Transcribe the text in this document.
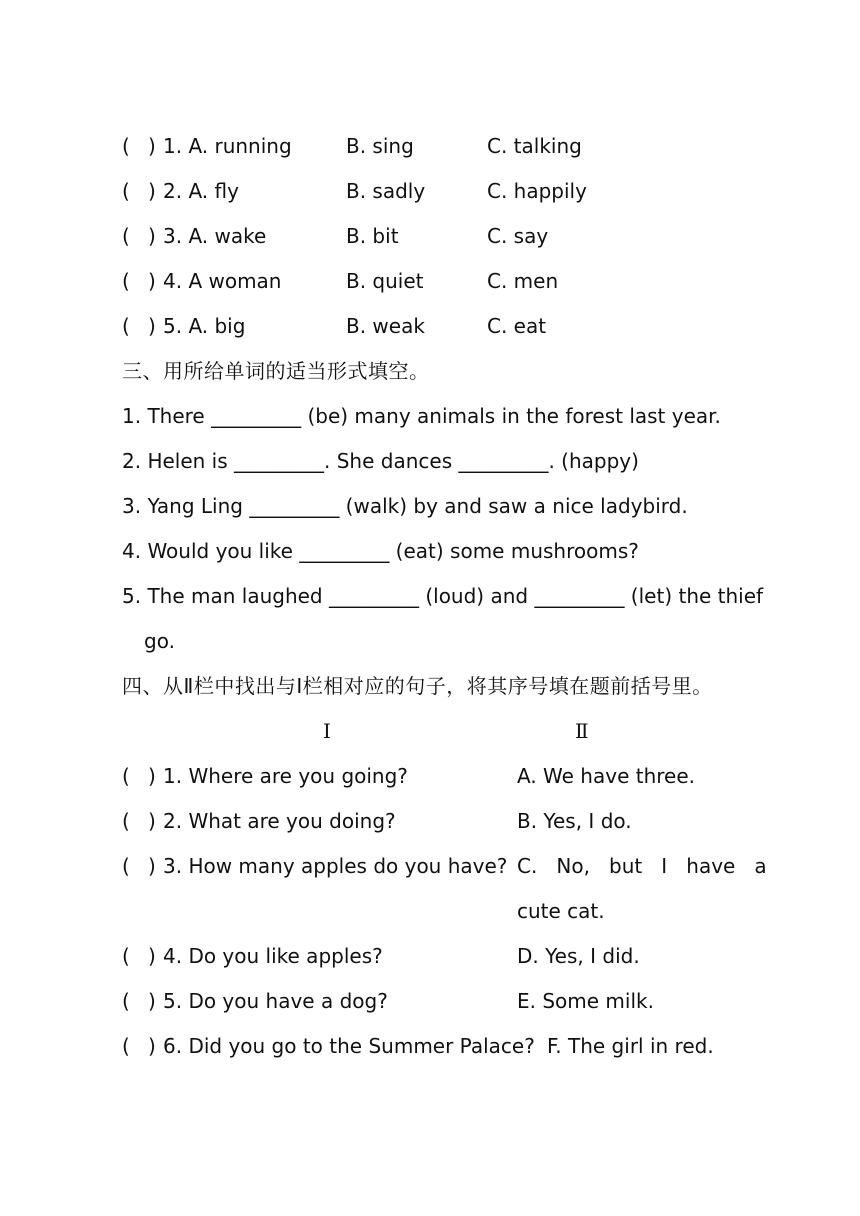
( ) 1. A. running	B. sing	C. talking
( ) 2. A. fly	B. sadly	C. happily
( ) 3. A. wake	B. bit	C. say
( ) 4. A woman	B. quiet	C. men
( ) 5. A. big	B. weak	C. eat
三、用所给单词的适当形式填空。
1. There _________ (be) many animals in the forest last year.
2. Helen is _________. She dances _________. (happy)
3. Yang Ling _________ (walk) by and saw a nice ladybird.
4. Would you like _________ (eat) some mushrooms?
5. The man laughed _________ (loud) and _________ (let) the thief
go.
四、从Ⅱ栏中找出与Ⅰ栏相对应的句子，将其序号填在题前括号里。
I	Ⅱ
( ) 1. Where are you going?	A. We have three.
( ) 2. What are you doing?	B. Yes, I do.
( ) 3. How many apples do you have? C.   No,   but   I   have   a
cute cat.
( ) 4. Do you like apples?	D. Yes, I did.
( ) 5. Do you have a dog?	E. Some milk.
( ) 6. Did you go to the Summer Palace? F. The girl in red.
